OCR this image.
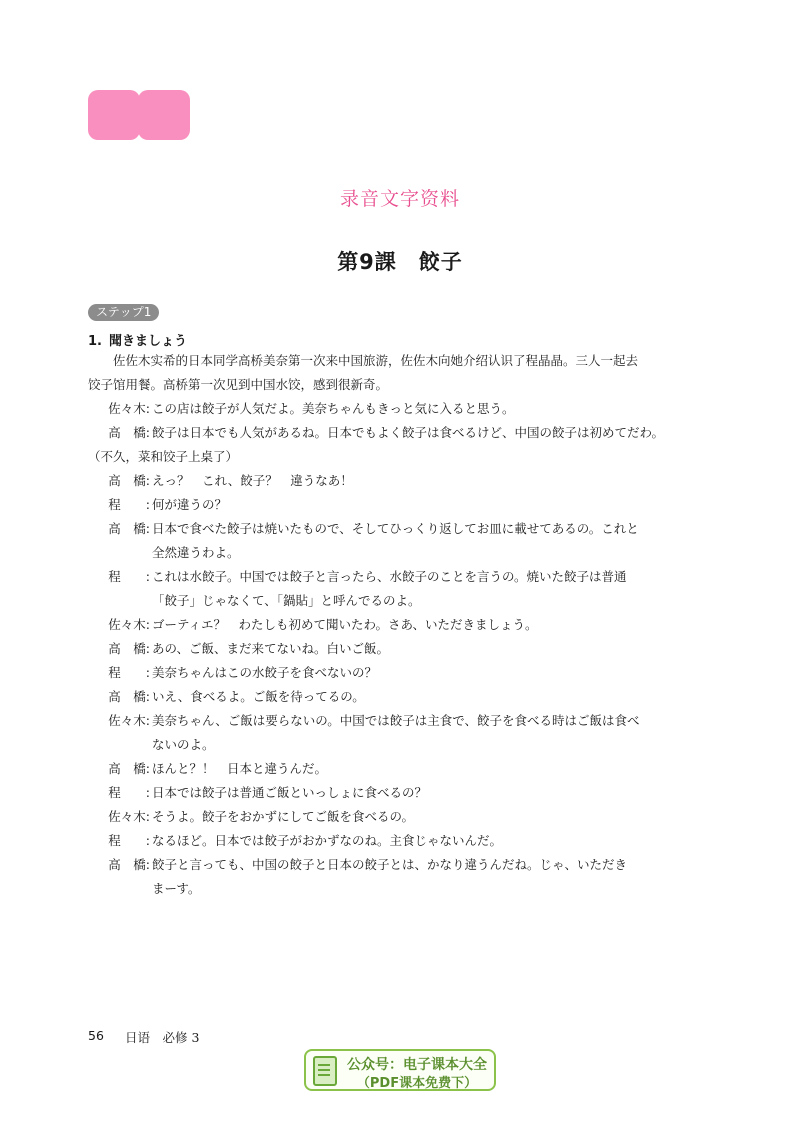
录音文字资料
第9課　餃子
ステップ1
1. 聞きましょう

佐佐木实希的日本同学高桥美奈第一次来中国旅游，佐佐木向她介绍认识了程晶晶。三人一起去
饺子馆用餐。高桥第一次见到中国水饺，感到很新奇。

佐々木: この店は餃子が人気だよ。美奈ちゃんもきっと気に入ると思う。
高　橋: 餃子は日本でも人気があるね。日本でもよく餃子は食べるけど、中国の餃子は初めてだわ。
（不久，菜和饺子上桌了）
高　橋: えっ？　これ、餃子？　違うなあ！
程　　: 何が違うの？
高　橋: 日本で食べた餃子は焼いたもので、そしてひっくり返してお皿に載せてあるの。これと
全然違うわよ。
程　　: これは水餃子。中国では餃子と言ったら、水餃子のことを言うの。焼いた餃子は普通
「餃子」じゃなくて、「鍋貼」と呼んでるのよ。
佐々木: ゴーティエ？　わたしも初めて聞いたわ。さあ、いただきましょう。
高　橋: あの、ご飯、まだ来てないね。白いご飯。
程　　: 美奈ちゃんはこの水餃子を食べないの？
高　橋: いえ、食べるよ。ご飯を待ってるの。
佐々木: 美奈ちゃん、ご飯は要らないの。中国では餃子は主食で、餃子を食べる時はご飯は食べ
ないのよ。
高　橋: ほんと？！　日本と違うんだ。
程　　: 日本では餃子は普通ご飯といっしょに食べるの？
佐々木: そうよ。餃子をおかずにしてご飯を食べるの。
程　　: なるほど。日本では餃子がおかずなのね。主食じゃないんだ。
高　橋: 餃子と言っても、中国の餃子と日本の餃子とは、かなり違うんだね。じゃ、いただき
まーす。
56 日语　必修 3
公众号：电子课本大全
（PDF课本免费下）
